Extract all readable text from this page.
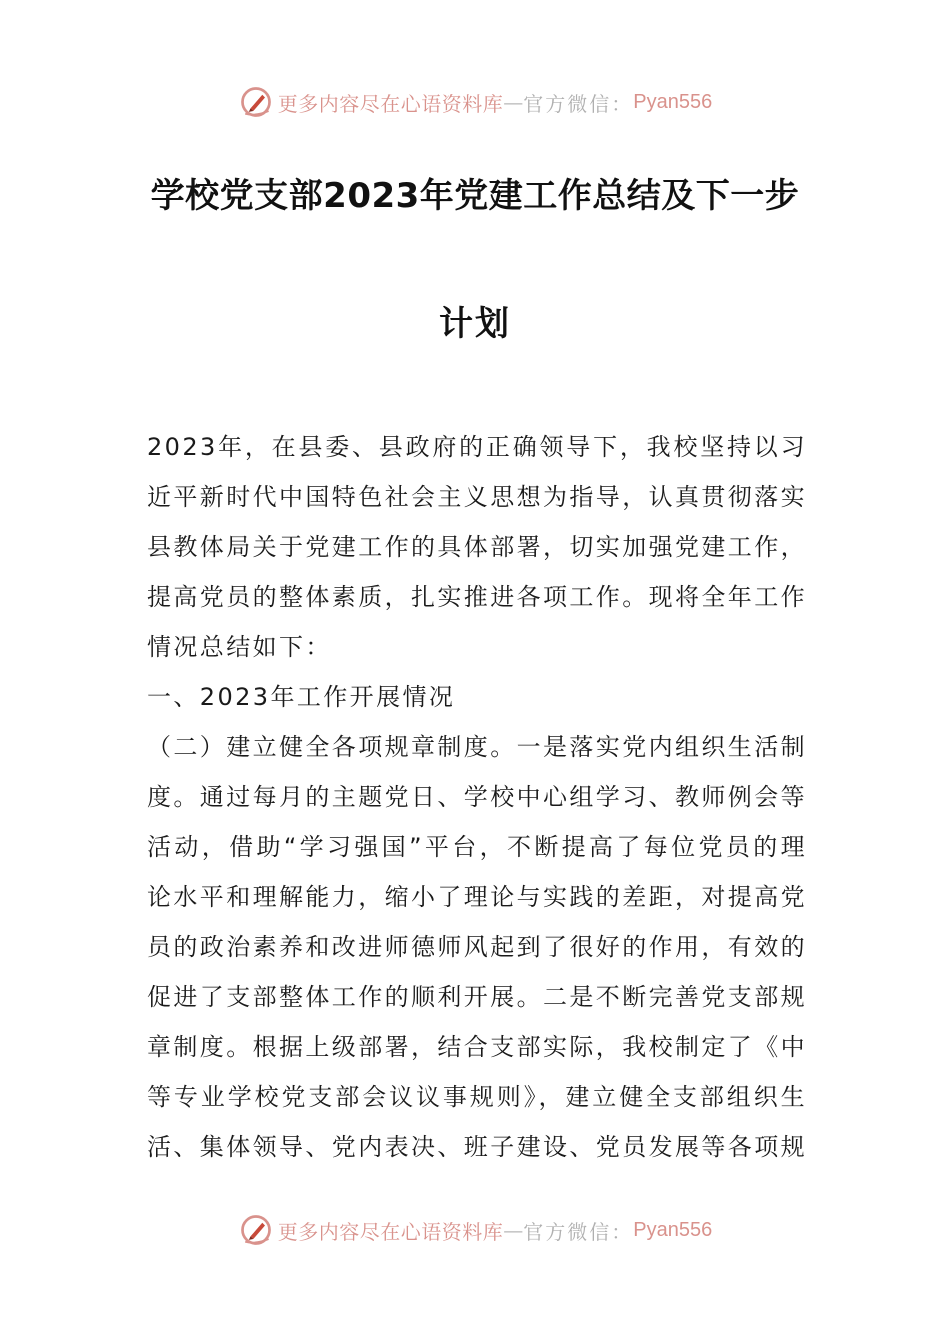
更多内容尽在心语资料库 — 官方微信： Pyan556
学校党支部2023年党建工作总结及下一步
计划

2023年，在县委、县政府的正确领导下，我校坚持以习近平新时代中国特色社会主义思想为指导，认真贯彻落实县教体局关于党建工作的具体部署，切实加强党建工作，提高党员的整体素质，扎实推进各项工作。现将全年工作情况总结如下：

一、2023年工作开展情况

（二）建立健全各项规章制度。一是落实党内组织生活制度。通过每月的主题党日、学校中心组学习、教师例会等活动，借助“学习强国”平台，不断提高了每位党员的理论水平和理解能力，缩小了理论与实践的差距，对提高党员的政治素养和改进师德师风起到了很好的作用，有效的促进了支部整体工作的顺利开展。二是不断完善党支部规章制度。根据上级部署，结合支部实际，我校制定了《中等专业学校党支部会议议事规则》，建立健全支部组织生活、集体领导、党内表决、班子建设、党员发展等各项规

更多内容尽在心语资料库 — 官方微信： Pyan556
